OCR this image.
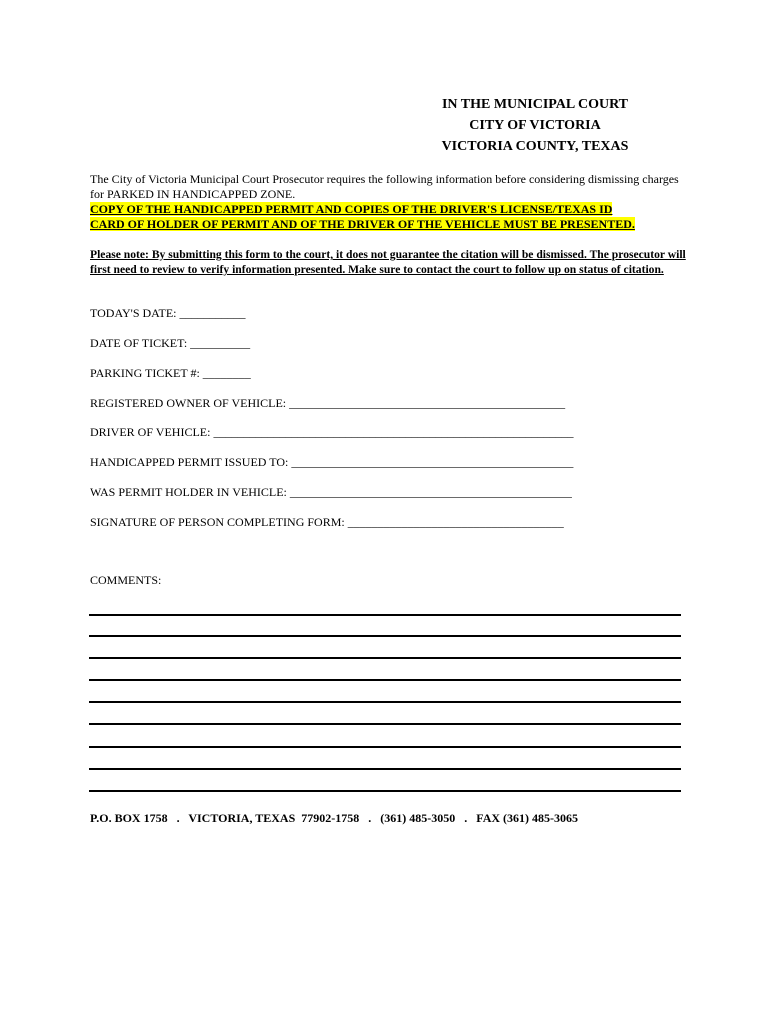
IN THE MUNICIPAL COURT
CITY OF VICTORIA
VICTORIA COUNTY, TEXAS
The City of Victoria Municipal Court Prosecutor requires the following information before considering dismissing charges for PARKED IN HANDICAPPED ZONE.
COPY OF THE HANDICAPPED PERMIT AND COPIES OF THE DRIVER'S LICENSE/TEXAS ID
CARD OF HOLDER OF PERMIT AND OF THE DRIVER OF THE VEHICLE MUST BE PRESENTED.
Please note: By submitting this form to the court, it does not guarantee the citation will be dismissed. The prosecutor will first need to review to verify information presented. Make sure to contact the court to follow up on status of citation.
TODAY'S DATE: ___________
DATE OF TICKET: __________
PARKING TICKET #: ________
REGISTERED OWNER OF VEHICLE: ______________________________________________
DRIVER OF VEHICLE: ____________________________________________________________
HANDICAPPED PERMIT ISSUED TO: _______________________________________________
WAS PERMIT HOLDER IN VEHICLE: _______________________________________________
SIGNATURE OF PERSON COMPLETING FORM: ____________________________________
COMMENTS:
P.O. BOX 1758   .   VICTORIA, TEXAS  77902-1758   .   (361) 485-3050   .   FAX (361) 485-3065
